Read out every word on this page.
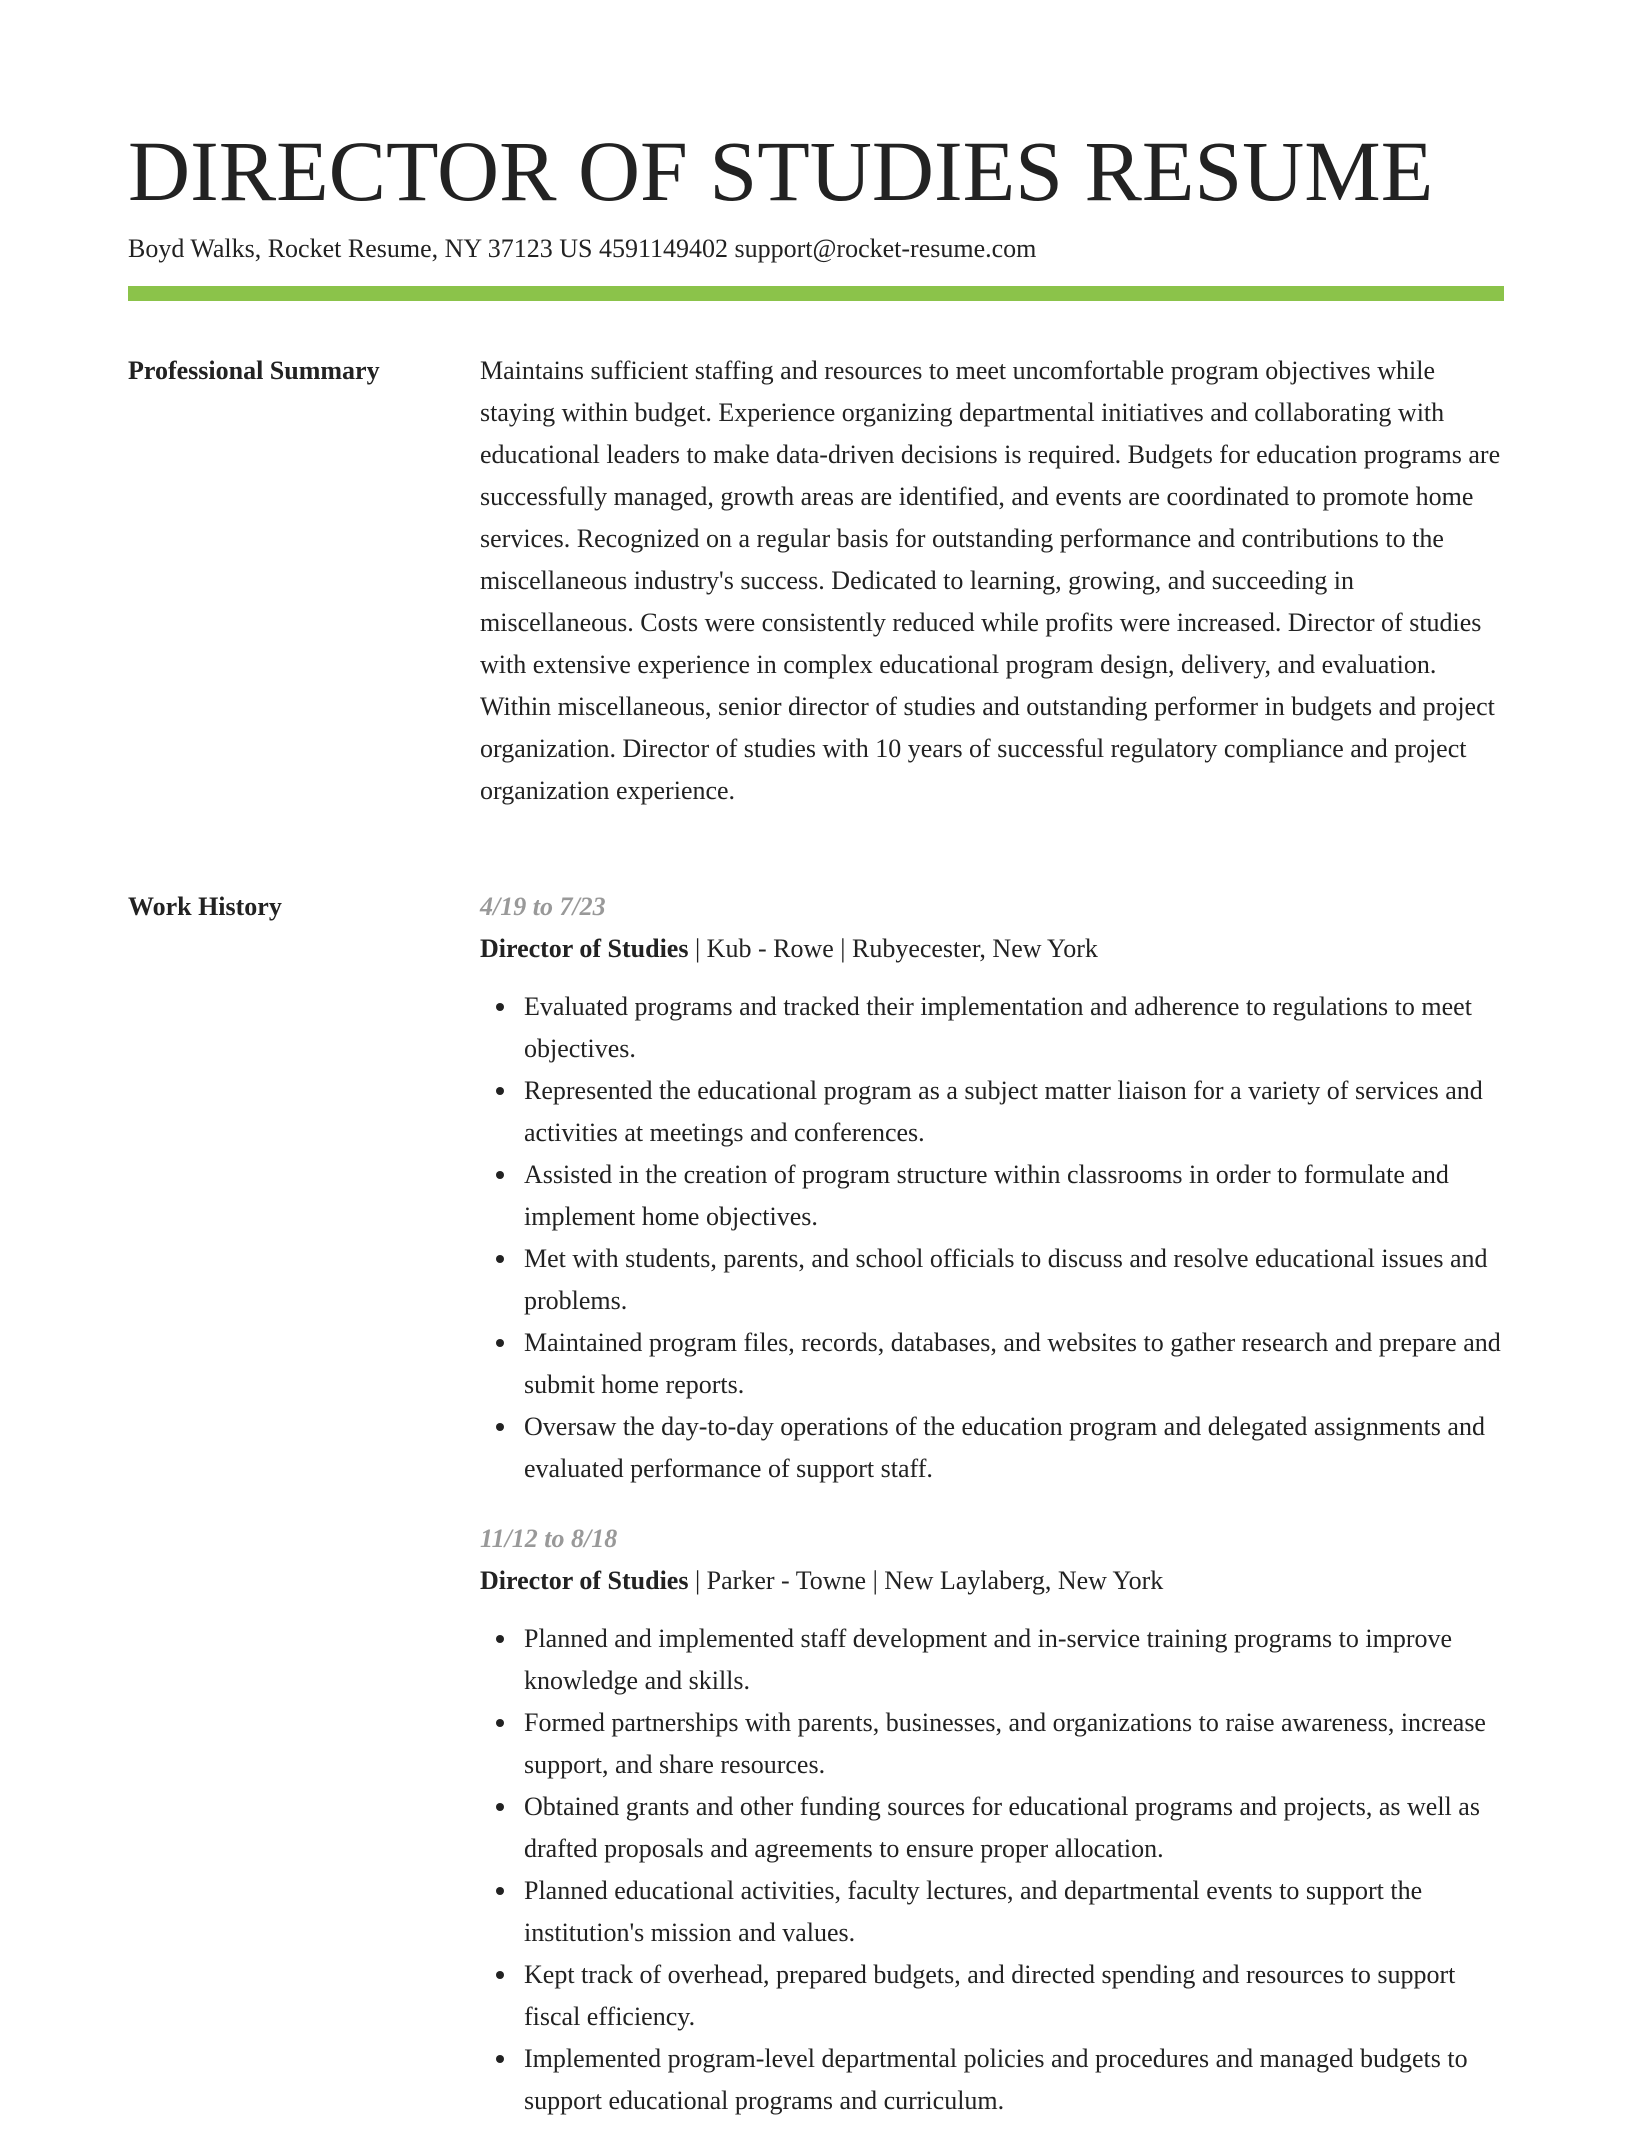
DIRECTOR OF STUDIES RESUME
Boyd Walks, Rocket Resume, NY 37123 US 4591149402 support@rocket-resume.com
Professional Summary	Maintains sufficient staffing and resources to meet uncomfortable program objectives while staying within budget. Experience organizing departmental initiatives and collaborating with educational leaders to make data-driven decisions is required. Budgets for education programs are successfully managed, growth areas are identified, and events are coordinated to promote home services. Recognized on a regular basis for outstanding performance and contributions to the miscellaneous industry's success. Dedicated to learning, growing, and succeeding in miscellaneous. Costs were consistently reduced while profits were increased. Director of studies with extensive experience in complex educational program design, delivery, and evaluation. Within miscellaneous, senior director of studies and outstanding performer in budgets and project organization. Director of studies with 10 years of successful regulatory compliance and project organization experience.

Work History	4/19 to 7/23
Director of Studies | Kub - Rowe | Rubyecester, New York
Evaluated programs and tracked their implementation and adherence to regulations to meet objectives.
Represented the educational program as a subject matter liaison for a variety of services and activities at meetings and conferences.
Assisted in the creation of program structure within classrooms in order to formulate and implement home objectives.
Met with students, parents, and school officials to discuss and resolve educational issues and problems.
Maintained program files, records, databases, and websites to gather research and prepare and submit home reports.
Oversaw the day-to-day operations of the education program and delegated assignments and evaluated performance of support staff.
11/12 to 8/18
Director of Studies | Parker - Towne | New Laylaberg, New York
Planned and implemented staff development and in-service training programs to improve knowledge and skills.
Formed partnerships with parents, businesses, and organizations to raise awareness, increase support, and share resources.
Obtained grants and other funding sources for educational programs and projects, as well as drafted proposals and agreements to ensure proper allocation.
Planned educational activities, faculty lectures, and departmental events to support the institution's mission and values.
Kept track of overhead, prepared budgets, and directed spending and resources to support fiscal efficiency.
Implemented program-level departmental policies and procedures and managed budgets to support educational programs and curriculum.
